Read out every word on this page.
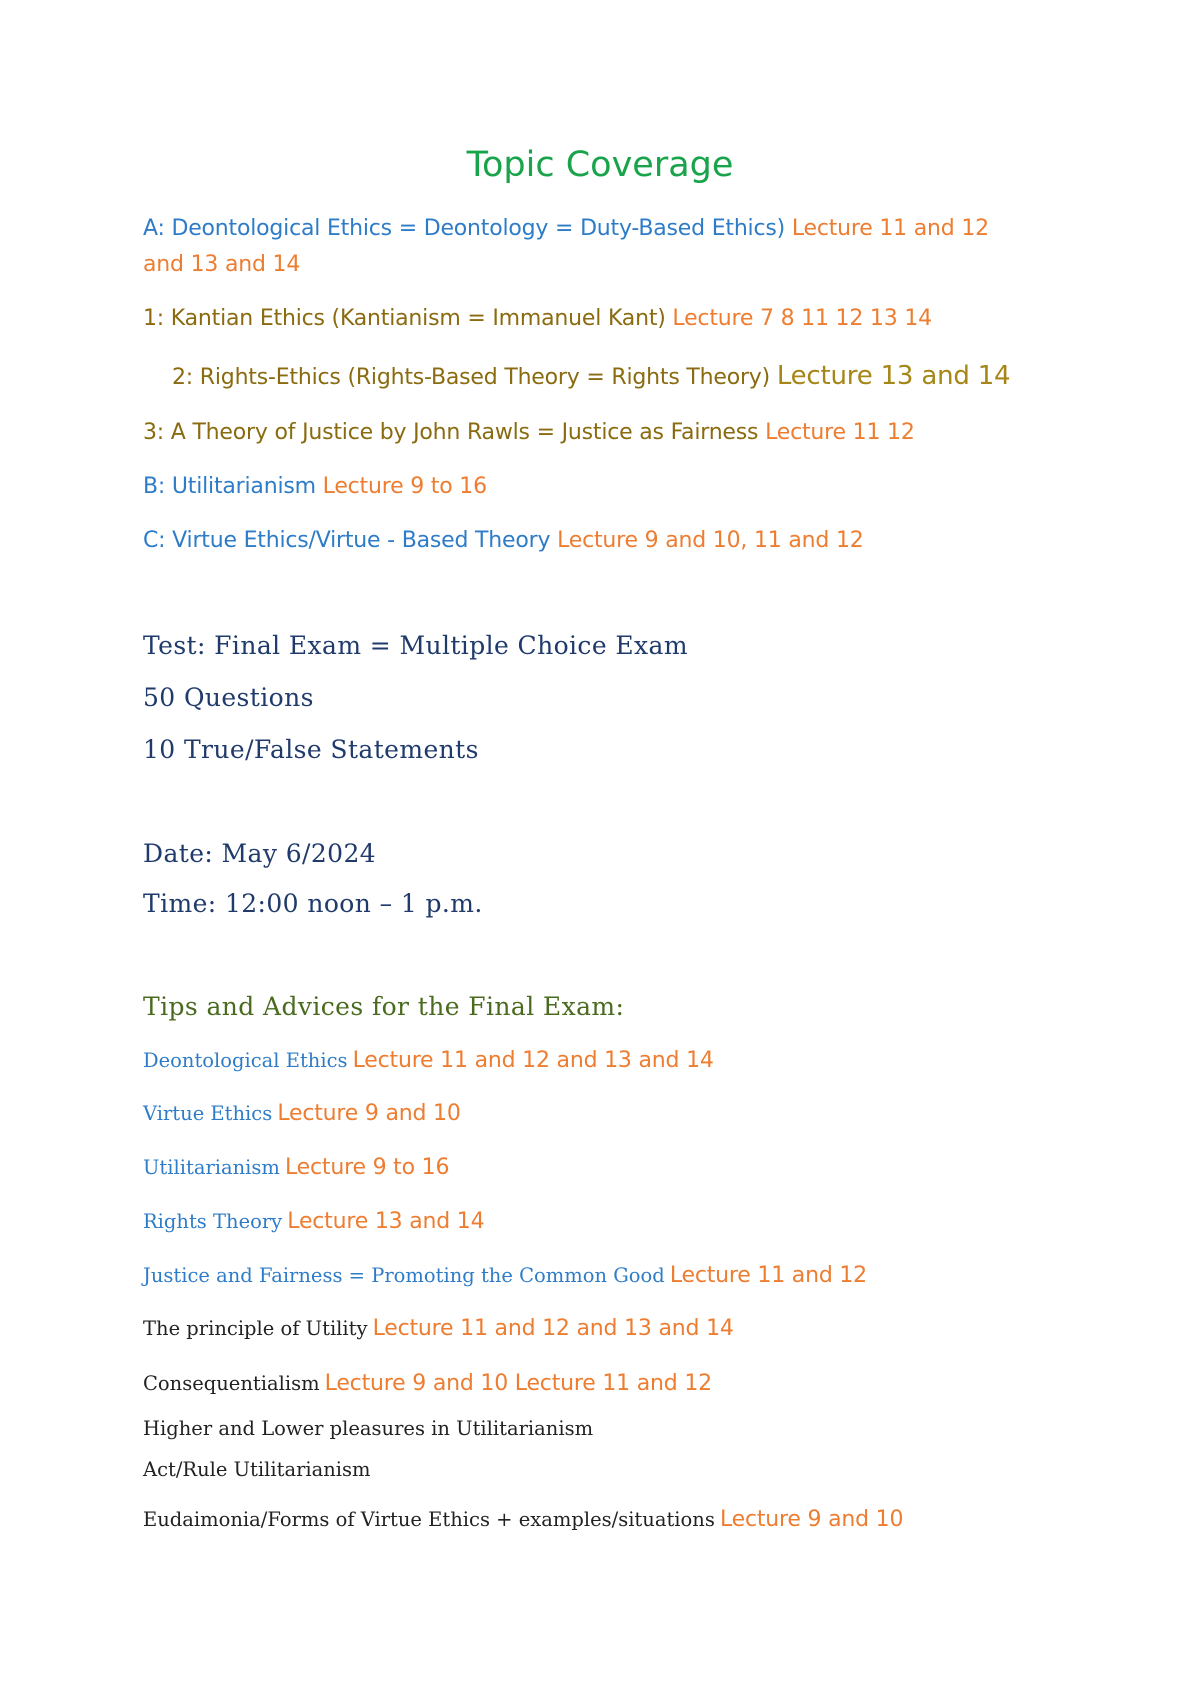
Topic Coverage
A: Deontological Ethics = Deontology = Duty-Based Ethics) Lecture 11 and 12
and 13 and 14
1: Kantian Ethics (Kantianism = Immanuel Kant) Lecture 7 8 11 12 13 14
2: Rights-Ethics (Rights-Based Theory = Rights Theory) Lecture 13 and 14
3: A Theory of Justice by John Rawls = Justice as Fairness Lecture 11 12
B: Utilitarianism Lecture 9 to 16
C: Virtue Ethics/Virtue - Based Theory Lecture 9 and 10, 11 and 12
Test: Final Exam = Multiple Choice Exam
50 Questions
10 True/False Statements
Date: May 6/2024
Time: 12:00 noon – 1 p.m.
Tips and Advices for the Final Exam:
Deontological Ethics Lecture 11 and 12 and 13 and 14
Virtue Ethics Lecture 9 and 10
Utilitarianism Lecture 9 to 16
Rights Theory Lecture 13 and 14
Justice and Fairness = Promoting the Common Good Lecture 11 and 12
The principle of Utility Lecture 11 and 12 and 13 and 14
Consequentialism Lecture 9 and 10 Lecture 11 and 12
Higher and Lower pleasures in Utilitarianism
Act/Rule Utilitarianism
Eudaimonia/Forms of Virtue Ethics + examples/situations Lecture 9 and 10
